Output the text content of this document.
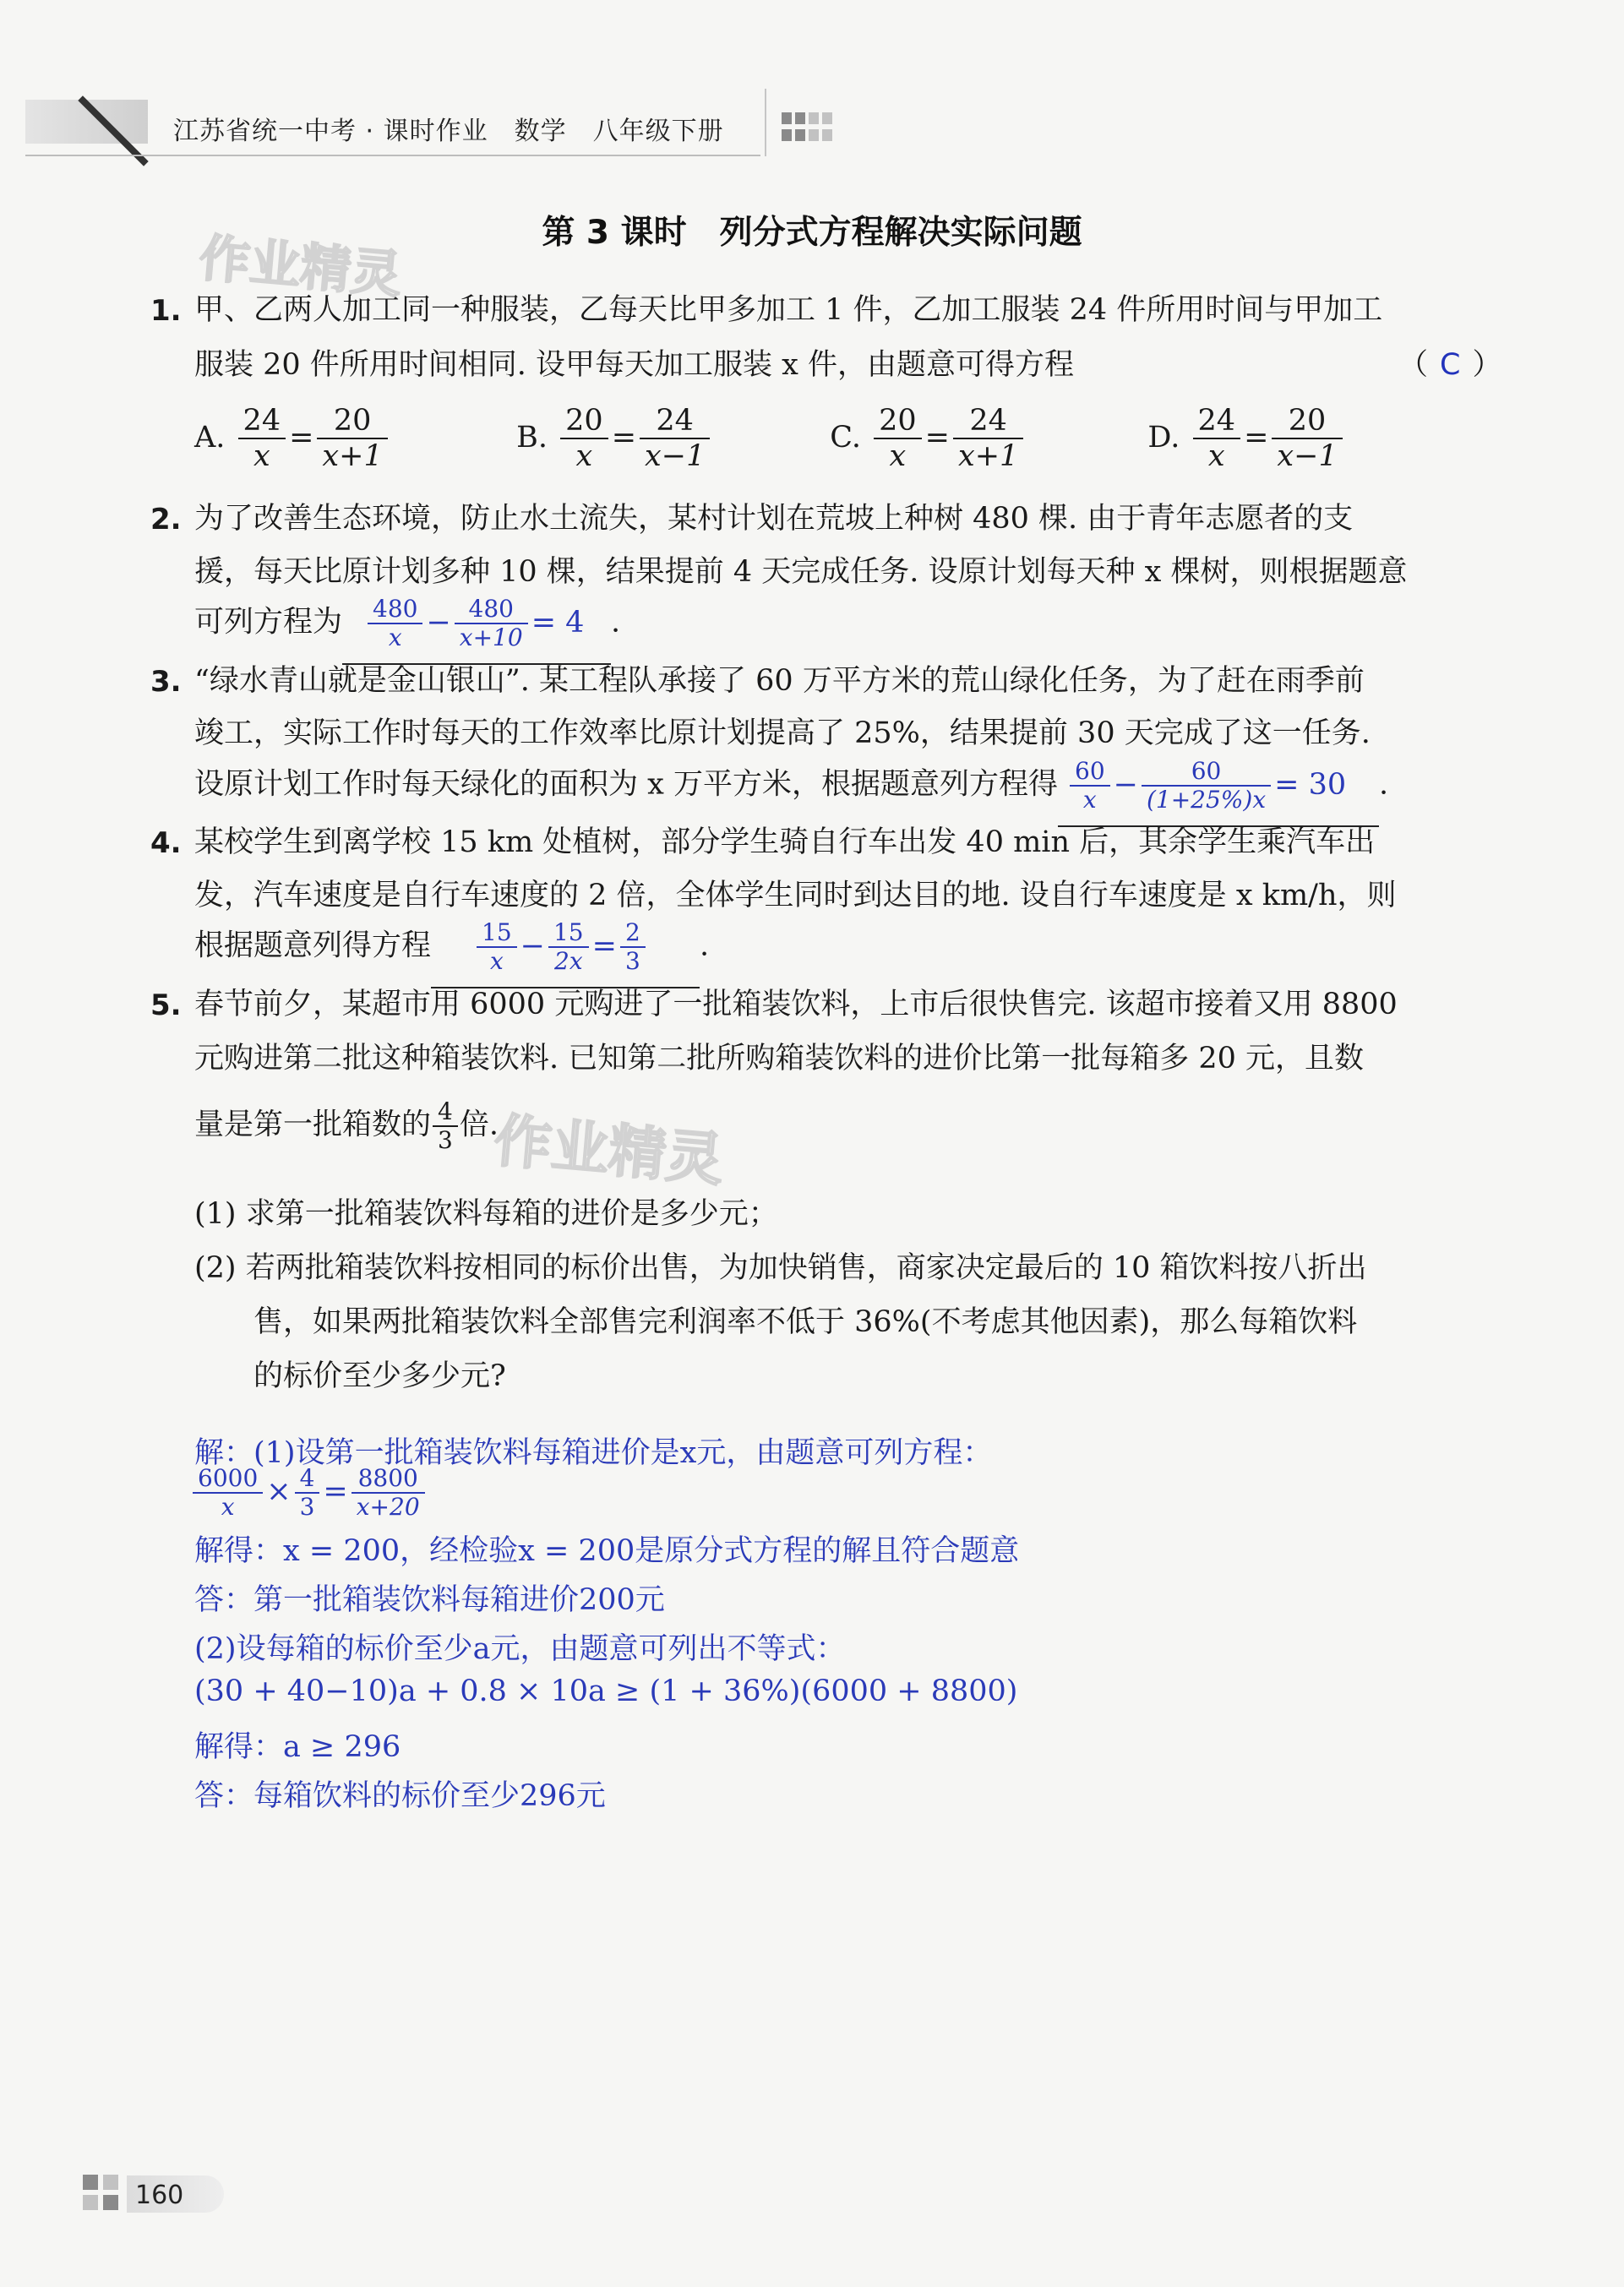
江苏省统一中考 · 课时作业　数学　八年级下册
作业精灵
作业精灵
第 3 课时　列分式方程解决实际问题
1. 甲、乙两人加工同一种服装，乙每天比甲多加工 1 件，乙加工服装 24 件所用时间与甲加工
服装 20 件所用时间相同. 设甲每天加工服装 x 件，由题意可得方程	（ C ）
A. $\frac{24}{x} = \frac{20}{x+1}$	B. $\frac{20}{x} = \frac{24}{x-1}$	C. $\frac{20}{x} = \frac{24}{x+1}$	D. $\frac{24}{x} = \frac{20}{x-1}$
2. 为了改善生态环境，防止水土流失，某村计划在荒坡上种树 480 棵. 由于青年志愿者的支
援，每天比原计划多种 10 棵，结果提前 4 天完成任务. 设原计划每天种 x 棵树，则根据题意
可列方程为 $\frac{480}{x} - \frac{480}{x+10} = 4$ .
3. “绿水青山就是金山银山”. 某工程队承接了 60 万平方米的荒山绿化任务，为了赶在雨季前
竣工，实际工作时每天的工作效率比原计划提高了 25%，结果提前 30 天完成了这一任务.
设原计划工作时每天绿化的面积为 x 万平方米，根据题意列方程得 $\frac{60}{x} - \frac{60}{(1+25\%)x} = 30$ .
4. 某校学生到离学校 15 km 处植树，部分学生骑自行车出发 40 min 后，其余学生乘汽车出
发，汽车速度是自行车速度的 2 倍，全体学生同时到达目的地. 设自行车速度是 x km/h，则
根据题意列得方程 $\frac{15}{x} - \frac{15}{2x} = \frac{2}{3}$ .
5. 春节前夕，某超市用 6000 元购进了一批箱装饮料，上市后很快售完. 该超市接着又用 8800
元购进第二批这种箱装饮料. 已知第二批所购箱装饮料的进价比第一批每箱多 20 元，且数
量是第一批箱数的 $\frac{4}{3}$ 倍.
(1) 求第一批箱装饮料每箱的进价是多少元；
(2) 若两批箱装饮料按相同的标价出售，为加快销售，商家决定最后的 10 箱饮料按八折出
售，如果两批箱装饮料全部售完利润率不低于 36%(不考虑其他因素)，那么每箱饮料
的标价至少多少元?
解：(1)设第一批箱装饮料每箱进价是x元，由题意可列方程：
$\frac{6000}{x} \times \frac{4}{3} = \frac{8800}{x+20}$
解得：x = 200，经检验x = 200是原分式方程的解且符合题意
答：第一批箱装饮料每箱进价200元
(2)设每箱的标价至少a元，由题意可列出不等式：
(30 + 40−10)a + 0.8 × 10a ≥ (1 + 36%)(6000 + 8800)
解得：a ≥ 296
答：每箱饮料的标价至少296元
160
